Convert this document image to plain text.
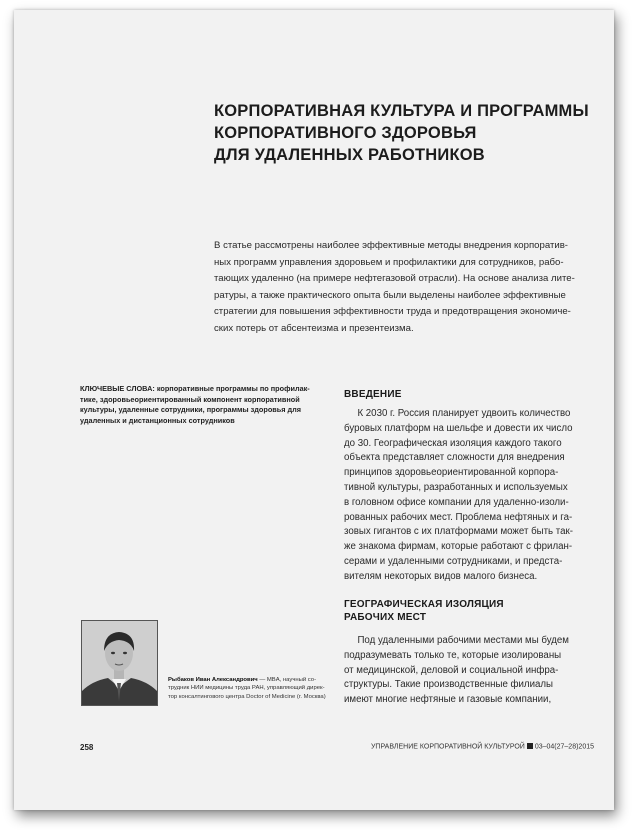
КОРПОРАТИВНАЯ КУЛЬТУРА И ПРОГРАММЫ
КОРПОРАТИВНОГО ЗДОРОВЬЯ
ДЛЯ УДАЛЕННЫХ РАБОТНИКОВ
В статье рассмотрены наиболее эффективные методы внедрения корпоратив-
ных программ управления здоровьем и профилактики для сотрудников, рабо-
тающих удаленно (на примере нефтегазовой отрасли). На основе анализа лите-
ратуры, а также практического опыта были выделены наиболее эффективные
стратегии для повышения эффективности труда и предотвращения экономиче-
ских потерь от абсентеизма и презентеизма.
КЛЮЧЕВЫЕ СЛОВА: корпоративные программы по профилак-
тике, здоровьеориентированный компонент корпоративной
культуры, удаленные сотрудники, программы здоровья для
удаленных и дистанционных сотрудников
ВВЕДЕНИЕ
К 2030 г. Россия планирует удвоить количество
буровых платформ на шельфе и довести их число
до 30. Географическая изоляция каждого такого
объекта представляет сложности для внедрения
принципов здоровьеориентированной корпора-
тивной культуры, разработанных и используемых
в головном офисе компании для удаленно-изоли-
рованных рабочих мест. Проблема нефтяных и га-
зовых гигантов с их платформами может быть так-
же знакома фирмам, которые работают с фрилан-
серами и удаленными сотрудниками, и предста-
вителям некоторых видов малого бизнеса.
ГЕОГРАФИЧЕСКАЯ ИЗОЛЯЦИЯ
РАБОЧИХ МЕСТ
Под удаленными рабочими местами мы будем
подразумевать только те, которые изолированы
от медицинской, деловой и социальной инфра-
структуры. Такие производственные филиалы
имеют многие нефтяные и газовые компании,
Рыбаков Иван Александрович — MBA, научный со-
трудник НИИ медицины труда РАН, управляющий дирек-
тор консалтингового центра Doctor of Medicine (г. Москва)
258	УПРАВЛЕНИЕ КОРПОРАТИВНОЙ КУЛЬТУРОЙ 03–04(27–28)2015
